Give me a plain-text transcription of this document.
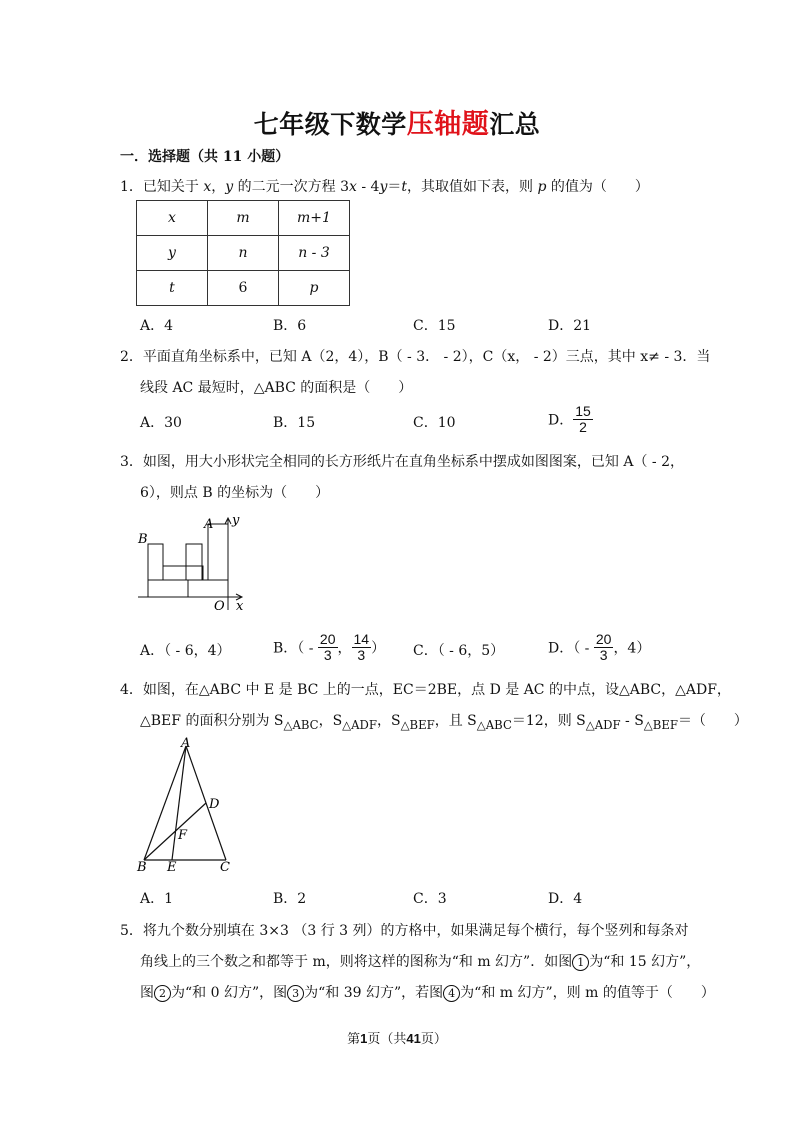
七年级下数学压轴题汇总
一．选择题（共 11 小题）
1．已知关于 x，y 的二元一次方程 3x - 4y＝t，其取值如下表，则 p 的值为（　　）
x	m	m+1
y	n	n - 3
t	6	p
A．4	B．6	C．15	D．21
2．平面直角坐标系中，已知 A（2，4），B（ - 3． - 2），C（x， - 2）三点，其中 x≠ - 3．当
线段 AC 最短时，△ABC 的面积是（　　）
A．30	B．15	C．10	D． $\frac{15}{2}$
3．如图，用大小形状完全相同的长方形纸片在直角坐标系中摆成如图图案，已知 A（ - 2，
6），则点 B 的坐标为（　　）
B
A y
O x
A．（ - 6，4）	B．（ - $\frac{20}{3}$ ， $\frac{14}{3}$ ） C．（ - 6，5）	D．（ - $\frac{20}{3}$ ，4）
4．如图，在△ABC 中 E 是 BC 上的一点，EC＝2BE，点 D 是 AC 的中点，设△ABC，△ADF，
△BEF 的面积分别为 $S_{\triangle ABC}$，$S_{\triangle ADF}$，$S_{\triangle BEF}$，且 $S_{\triangle ABC}=12$，则 $S_{\triangle ADF} - S_{\triangle BEF}=$（　　）
A
D
F
B E	C
A．1	B．2	C．3	D．4
5．将九个数分别填在 3×3 （3 行 3 列）的方格中，如果满足每个横行，每个竖列和每条对
角线上的三个数之和都等于 m，则将这样的图称为“和 m 幻方”．如图 1 为“和 15 幻方”，
图 2 为“和 0 幻方”，图 3 为“和 39 幻方”，若图 4 为“和 m 幻方”，则 m 的值等于（　　）
第1页（共41页）
